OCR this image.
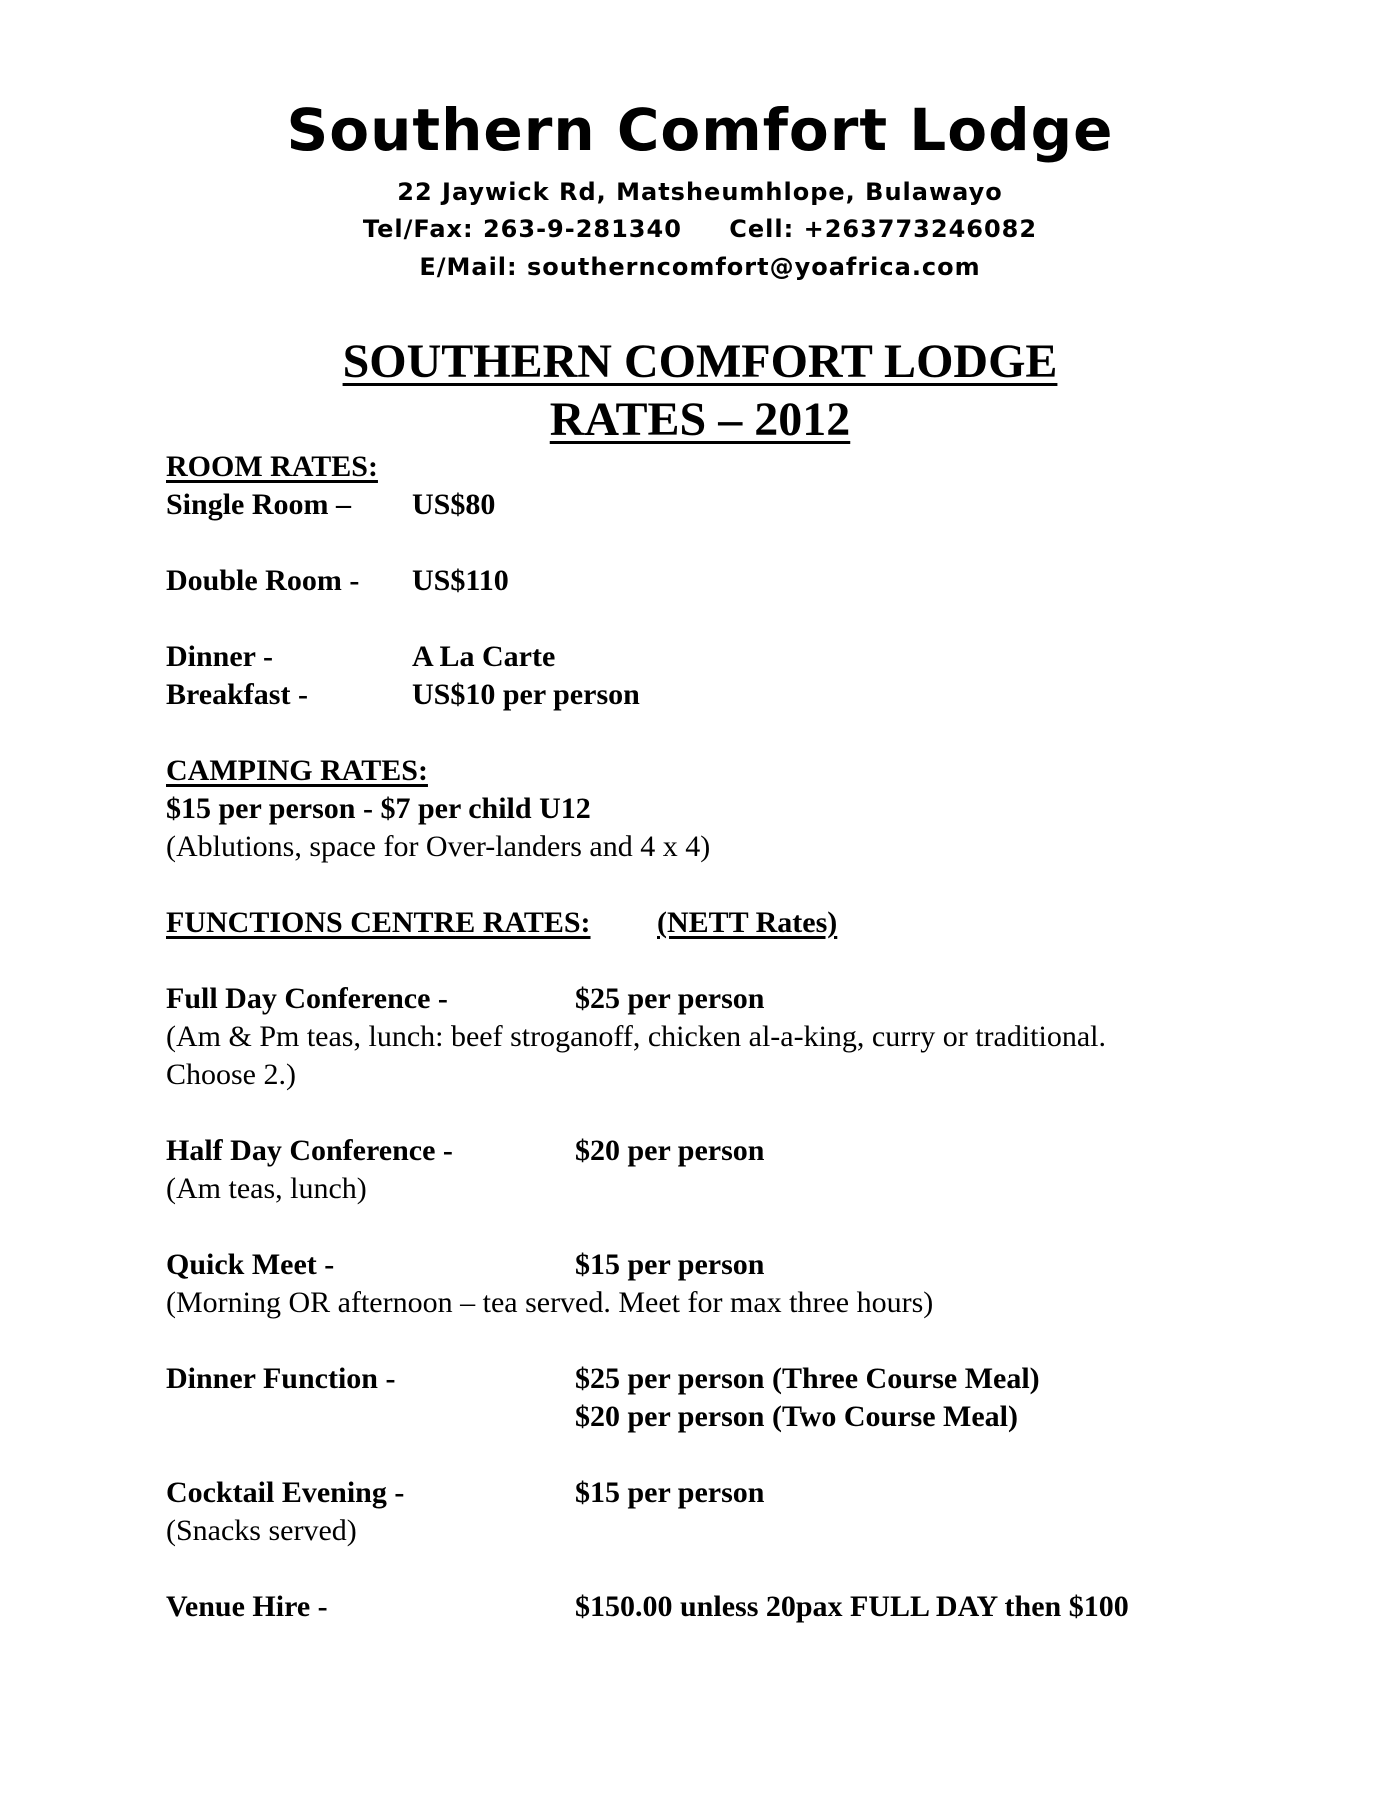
Southern Comfort Lodge
22 Jaywick Rd, Matsheumhlope, Bulawayo
Tel/Fax: 263-9-281340 Cell: +263773246082
E/Mail: southerncomfort@yoafrica.com
SOUTHERN COMFORT LODGE
RATES – 2012
ROOM RATES:
Single Room – US$80
Double Room - US$110
Dinner -	A La Carte
Breakfast -	US$10 per person
CAMPING RATES:
$15 per person - $7 per child U12
(Ablutions, space for Over-landers and 4 x 4)
FUNCTIONS CENTRE RATES: (NETT Rates)
Full Day Conference -	$25 per person
(Am & Pm teas, lunch: beef stroganoff, chicken al-a-king, curry or traditional.
Choose 2.)
Half Day Conference -	$20 per person
(Am teas, lunch)
Quick Meet -	$15 per person
(Morning OR afternoon – tea served. Meet for max three hours)
Dinner Function -	$25 per person (Three Course Meal)
$20 per person (Two Course Meal)
Cocktail Evening -	$15 per person
(Snacks served)
Venue Hire -	$150.00 unless 20pax FULL DAY then $100
